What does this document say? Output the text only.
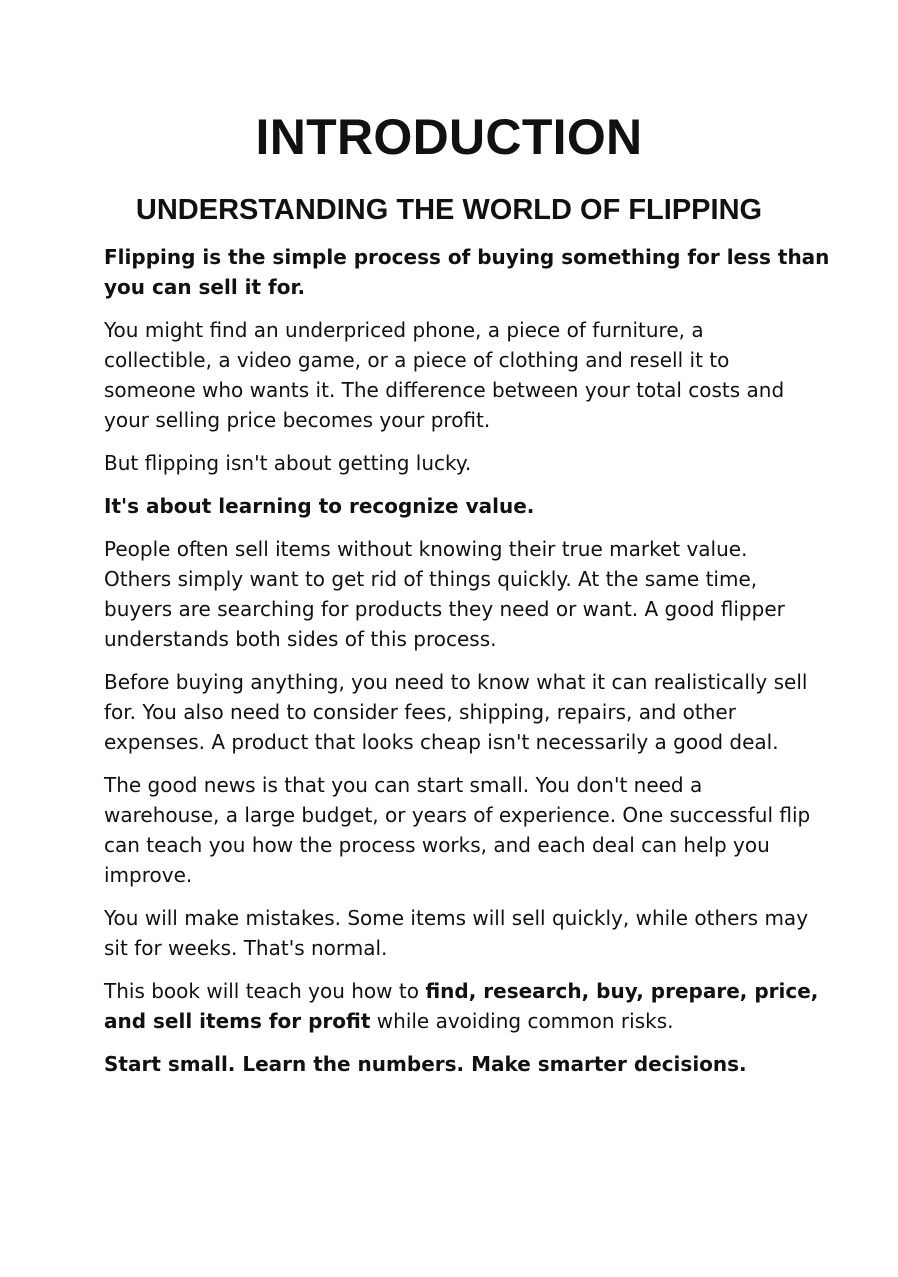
INTRODUCTION
UNDERSTANDING THE WORLD OF FLIPPING

Flipping is the simple process of buying something for less than
you can sell it for.

You might find an underpriced phone, a piece of furniture, a
collectible, a video game, or a piece of clothing and resell it to
someone who wants it. The difference between your total costs and
your selling price becomes your profit.

But flipping isn't about getting lucky.

It's about learning to recognize value.

People often sell items without knowing their true market value.
Others simply want to get rid of things quickly. At the same time,
buyers are searching for products they need or want. A good flipper
understands both sides of this process.

Before buying anything, you need to know what it can realistically sell
for. You also need to consider fees, shipping, repairs, and other
expenses. A product that looks cheap isn't necessarily a good deal.

The good news is that you can start small. You don't need a
warehouse, a large budget, or years of experience. One successful flip
can teach you how the process works, and each deal can help you
improve.

You will make mistakes. Some items will sell quickly, while others may
sit for weeks. That's normal.

This book will teach you how to find, research, buy, prepare, price,
and sell items for profit while avoiding common risks.

Start small. Learn the numbers. Make smarter decisions.
